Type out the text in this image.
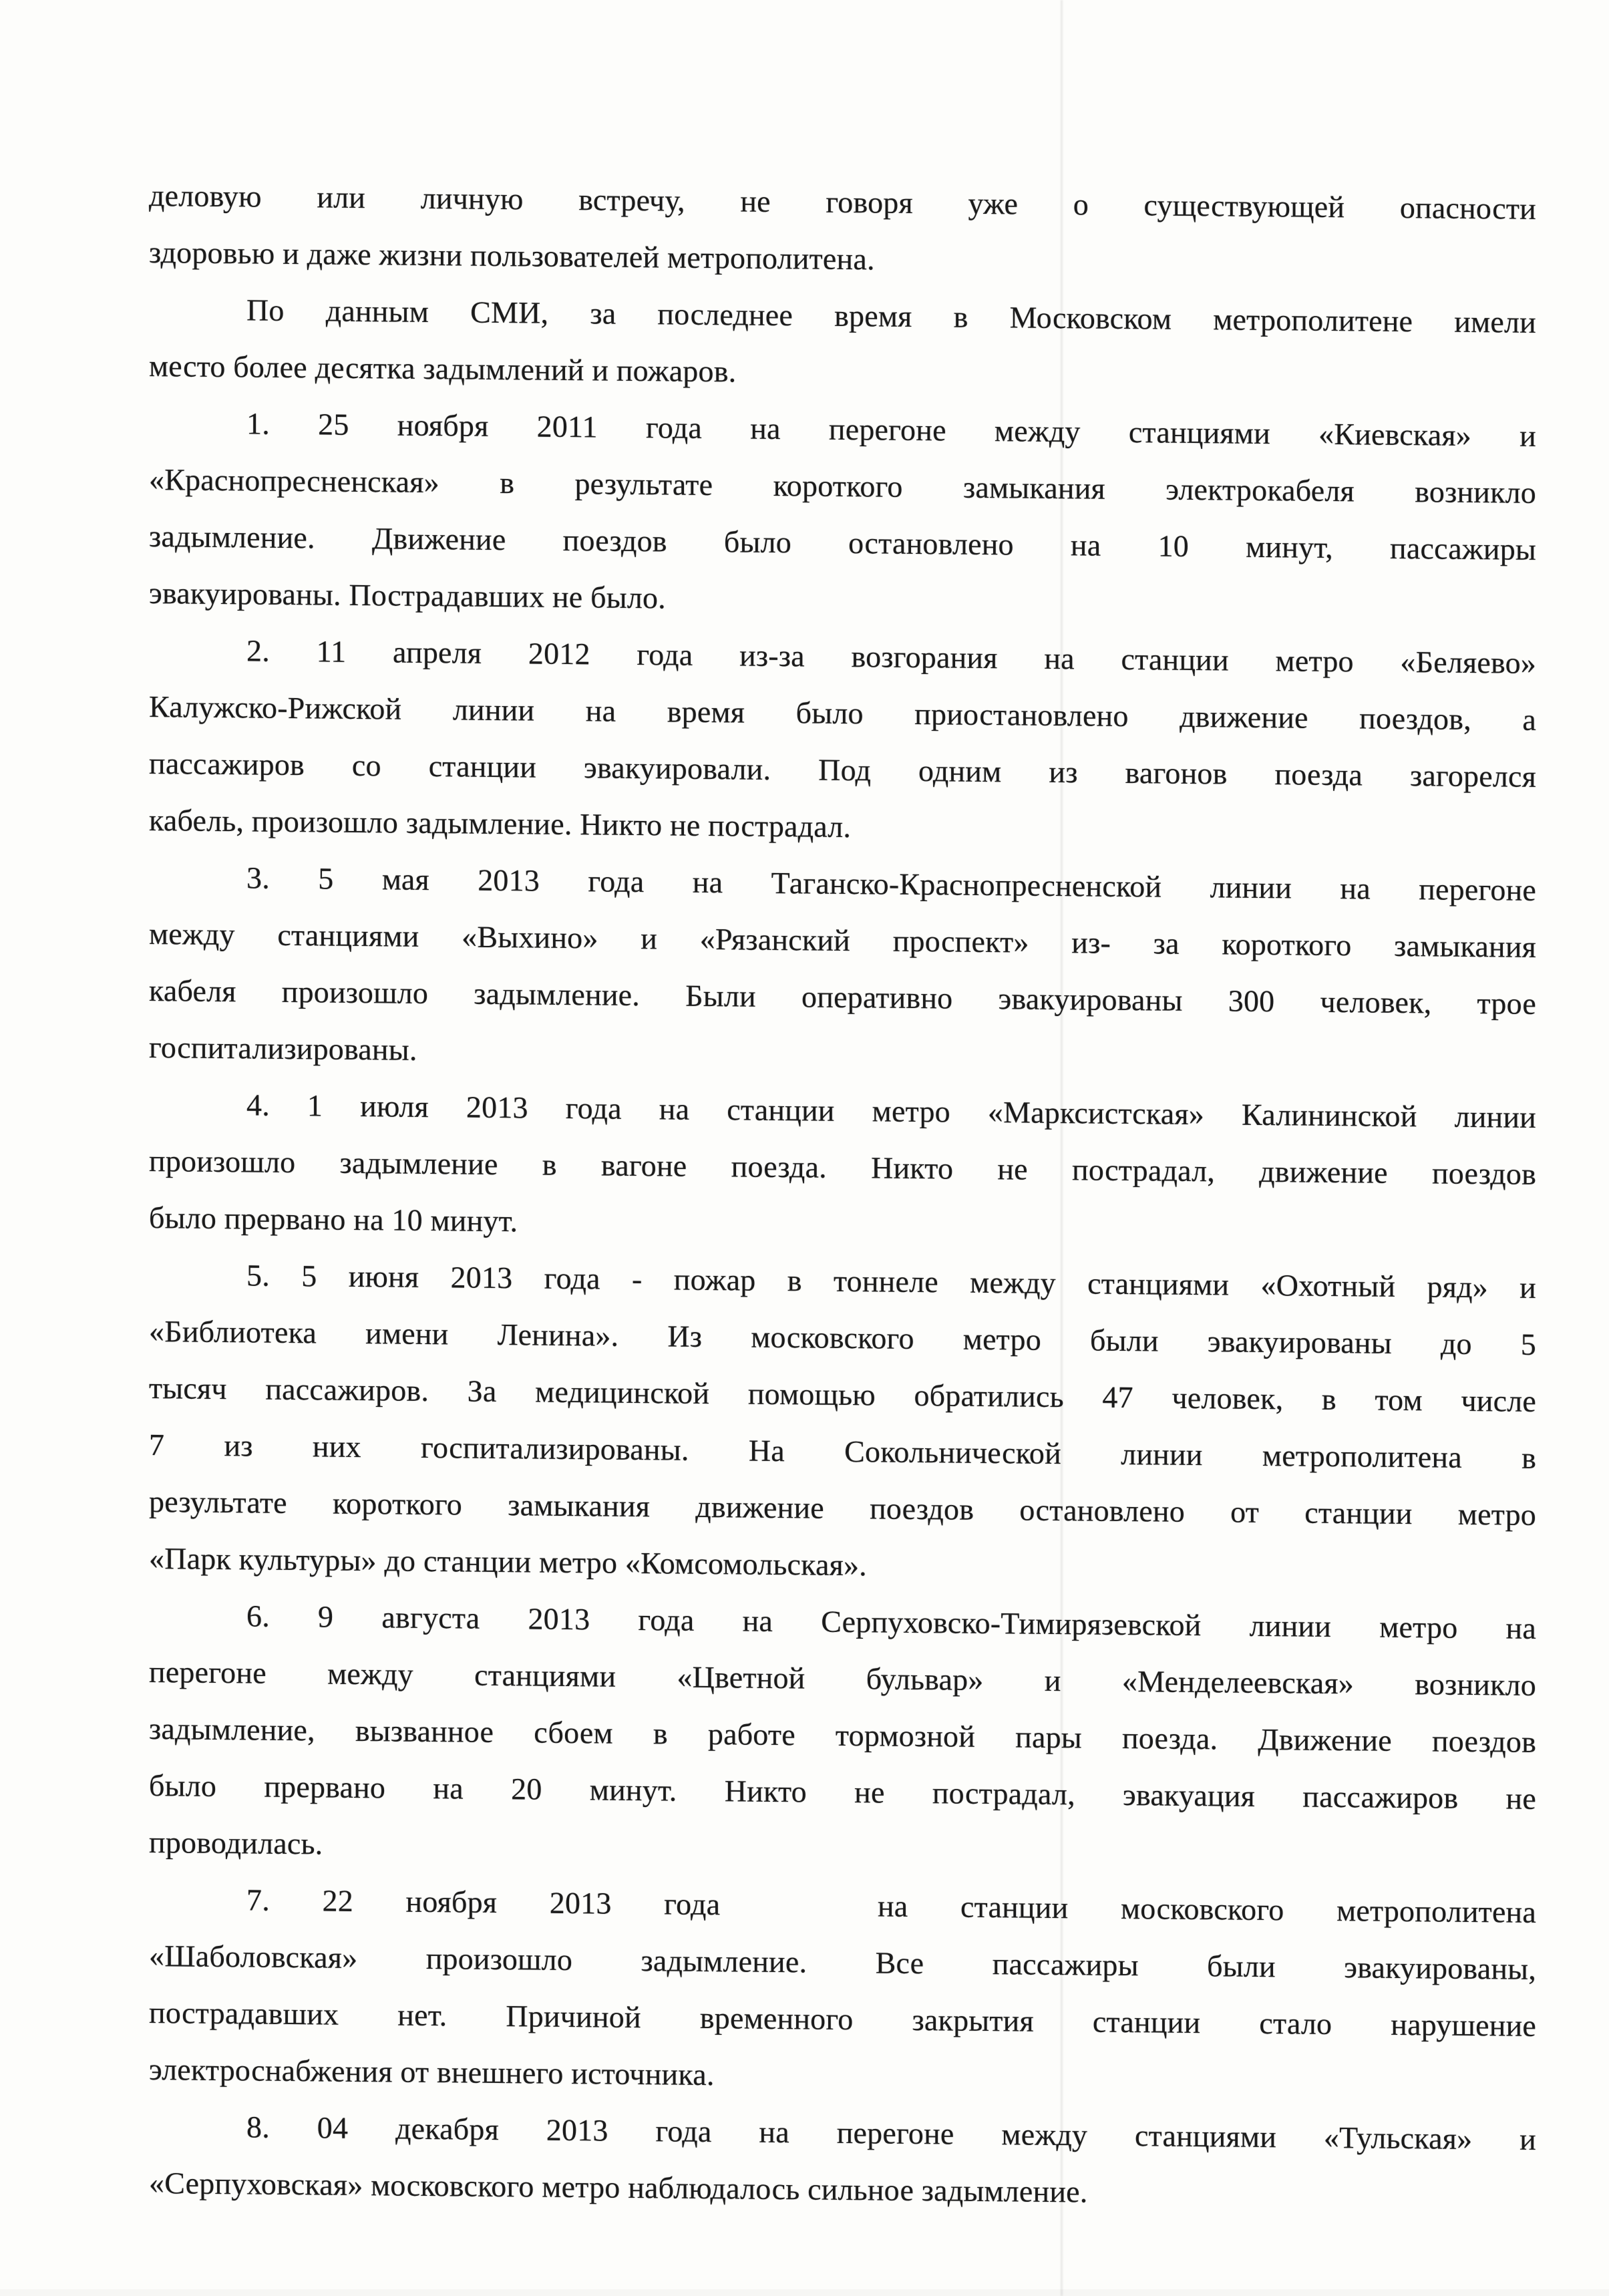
деловую или личную встречу, не говоря уже о существующей опасности
здоровью и даже жизни пользователей метрополитена.
По данным СМИ, за последнее время в Московском метрополитене имели
место более десятка задымлений и пожаров.
1. 25 ноября 2011 года на перегоне между станциями «Киевская» и
«Краснопресненская» в результате короткого замыкания электрокабеля возникло
задымление. Движение поездов было остановлено на 10 минут, пассажиры
эвакуированы. Пострадавших не было.
2. 11 апреля 2012 года из-за возгорания на станции метро «Беляево»
Калужско-Рижской линии на время было приостановлено движение поездов, а
пассажиров со станции эвакуировали. Под одним из вагонов поезда загорелся
кабель, произошло задымление. Никто не пострадал.
3. 5 мая 2013 года на Таганско-Краснопресненской линии на перегоне
между станциями «Выхино» и «Рязанский проспект» из- за короткого замыкания
кабеля произошло задымление. Были оперативно эвакуированы 300 человек, трое
госпитализированы.
4. 1 июля 2013 года на станции метро «Марксистская» Калининской линии
произошло задымление в вагоне поезда. Никто не пострадал, движение поездов
было прервано на 10 минут.
5. 5 июня 2013 года - пожар в тоннеле между станциями «Охотный ряд» и
«Библиотека имени Ленина». Из московского метро были эвакуированы до 5
тысяч пассажиров. За медицинской помощью обратились 47 человек, в том числе
7 из них госпитализированы. На Сокольнической линии метрополитена в
результате короткого замыкания движение поездов остановлено от станции метро
«Парк культуры» до станции метро «Комсомольская».
6. 9 августа 2013 года на Серпуховско-Тимирязевской линии метро на
перегоне между станциями «Цветной бульвар» и «Менделеевская» возникло
задымление, вызванное сбоем в работе тормозной пары поезда. Движение поездов
было прервано на 20 минут. Никто не пострадал, эвакуация пассажиров не
проводилась.
7. 22 ноября 2013 года   на станции московского метрополитена
«Шаболовская» произошло задымление. Все пассажиры были эвакуированы,
пострадавших нет. Причиной временного закрытия станции стало нарушение
электроснабжения от внешнего источника.
8. 04 декабря 2013 года на перегоне между станциями «Тульская» и
«Серпуховская» московского метро наблюдалось сильное задымление.
